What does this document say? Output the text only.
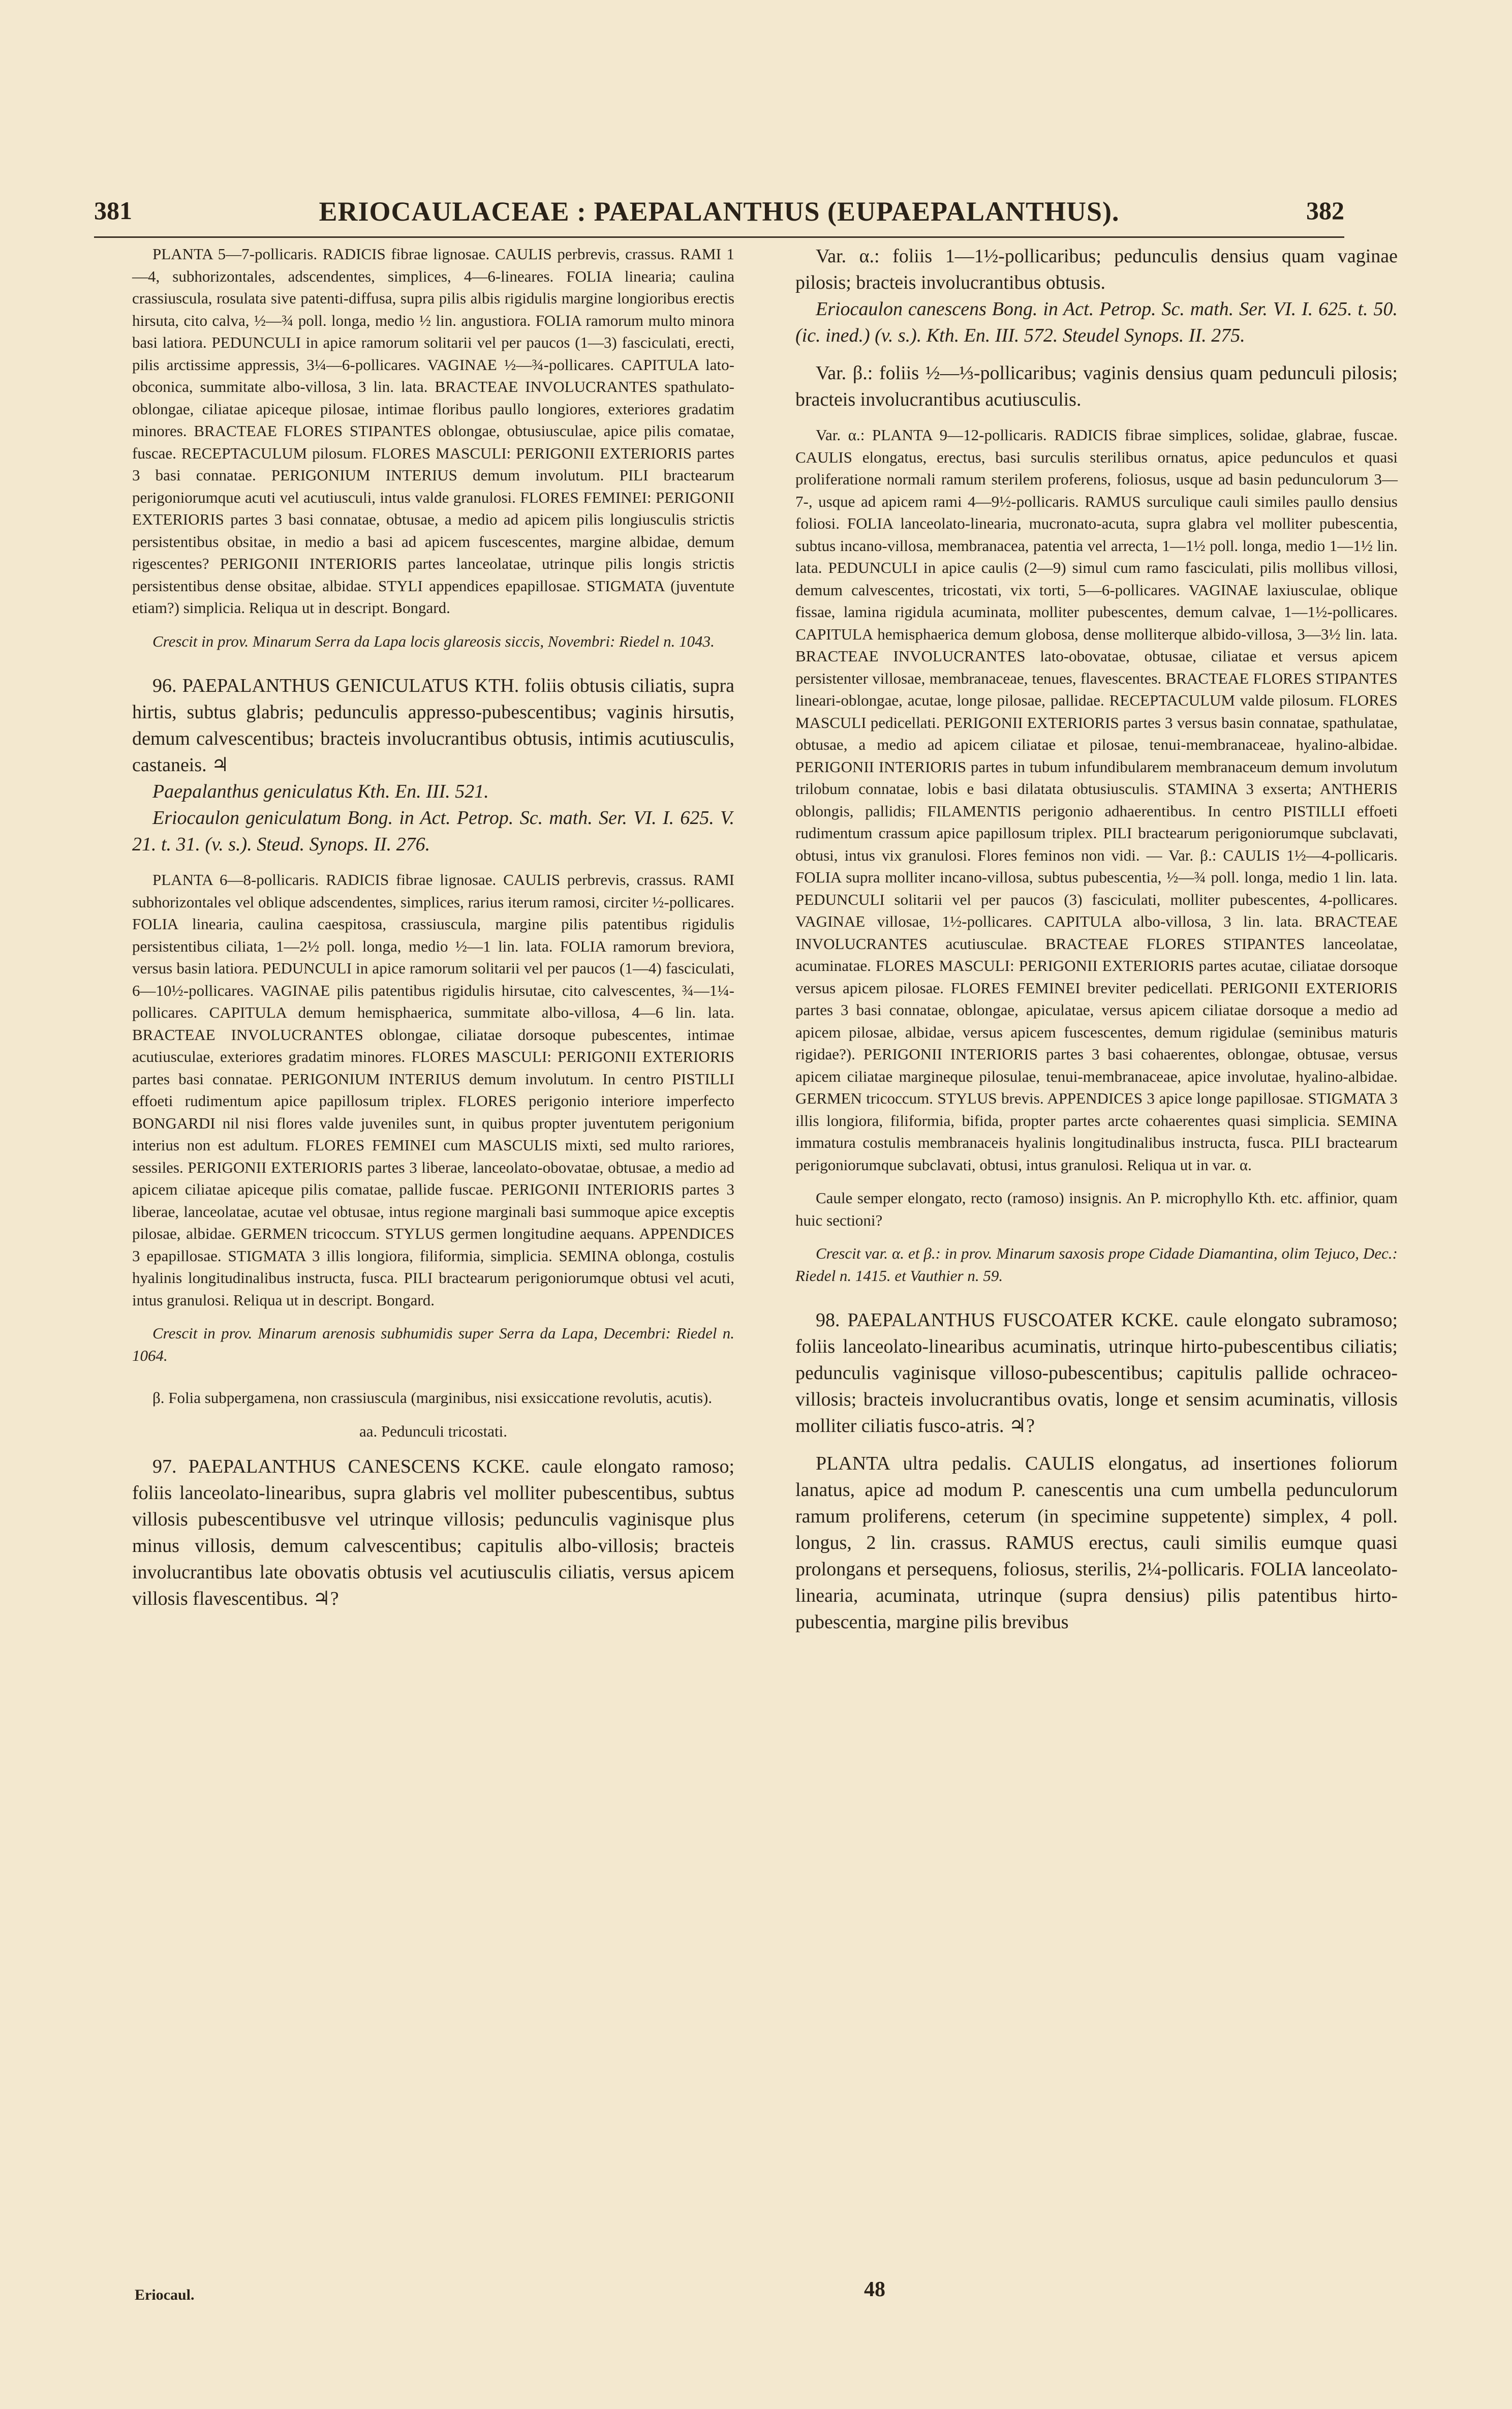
381	ERIOCAULACEAE : PAEPALANTHUS (EUPAEPALANTHUS).	382

PLANTA 5—7-pollicaris. RADICIS fibrae lignosae. CAULIS perbrevis, crassus. RAMI 1—4, subhorizontales, adscendentes, simplices, 4—6-lineares. FOLIA linearia; caulina crassiuscula, rosulata sive patenti-diffusa, supra pilis albis rigidulis margine longioribus erectis hirsuta, cito calva, ½—¾ poll. longa, medio ½ lin. angustiora. FOLIA ramorum multo minora basi latiora. PEDUNCULI in apice ramorum solitarii vel per paucos (1—3) fasciculati, erecti, pilis arctissime appressis, 3¼—6-pollicares. VAGINAE ½—¾-pollicares. CAPITULA lato-obconica, summitate albo-villosa, 3 lin. lata. BRACTEAE INVOLUCRANTES spathulato-oblongae, ciliatae apiceque pilosae, intimae floribus paullo longiores, exteriores gradatim minores. BRACTEAE FLORES STIPANTES oblongae, obtusiusculae, apice pilis comatae, fuscae. RECEPTACULUM pilosum. FLORES MASCULI: PERIGONII EXTERIORIS partes 3 basi connatae. PERIGONIUM INTERIUS demum involutum. PILI bractearum perigoniorumque acuti vel acutiusculi, intus valde granulosi. FLORES FEMINEI: PERIGONII EXTERIORIS partes 3 basi connatae, obtusae, a medio ad apicem pilis longiusculis strictis persistentibus obsitae, in medio a basi ad apicem fuscescentes, margine albidae, demum rigescentes? PERIGONII INTERIORIS partes lanceolatae, utrinque pilis longis strictis persistentibus dense obsitae, albidae. STYLI appendices epapillosae. STIGMATA (juventute etiam?) simplicia. Reliqua ut in descript. Bongard.

Crescit in prov. Minarum Serra da Lapa locis glareosis siccis, Novembri: Riedel n. 1043.

96. PAEPALANTHUS GENICULATUS KTH. foliis obtusis ciliatis, supra hirtis, subtus glabris; pedunculis appresso-pubescentibus; vaginis hirsutis, demum calvescentibus; bracteis involucrantibus obtusis, intimis acutiusculis, castaneis. ♃

Paepalanthus geniculatus Kth. En. III. 521.

Eriocaulon geniculatum Bong. in Act. Petrop. Sc. math. Ser. VI. I. 625. V. 21. t. 31. (v. s.). Steud. Synops. II. 276.

PLANTA 6—8-pollicaris. RADICIS fibrae lignosae. CAULIS perbrevis, crassus. RAMI subhorizontales vel oblique adscendentes, simplices, rarius iterum ramosi, circiter ½-pollicares. FOLIA linearia, caulina caespitosa, crassiuscula, margine pilis patentibus rigidulis persistentibus ciliata, 1—2½ poll. longa, medio ½—1 lin. lata. FOLIA ramorum breviora, versus basin latiora. PEDUNCULI in apice ramorum solitarii vel per paucos (1—4) fasciculati, 6—10½-pollicares. VAGINAE pilis patentibus rigidulis hirsutae, cito calvescentes, ¾—1¼-pollicares. CAPITULA demum hemisphaerica, summitate albo-villosa, 4—6 lin. lata. BRACTEAE INVOLUCRANTES oblongae, ciliatae dorsoque pubescentes, intimae acutiusculae, exteriores gradatim minores. FLORES MASCULI: PERIGONII EXTERIORIS partes basi connatae. PERIGONIUM INTERIUS demum involutum. In centro PISTILLI effoeti rudimentum apice papillosum triplex. FLORES perigonio interiore imperfecto BONGARDI nil nisi flores valde juveniles sunt, in quibus propter juventutem perigonium interius non est adultum. FLORES FEMINEI cum MASCULIS mixti, sed multo rariores, sessiles. PERIGONII EXTERIORIS partes 3 liberae, lanceolato-obovatae, obtusae, a medio ad apicem ciliatae apiceque pilis comatae, pallide fuscae. PERIGONII INTERIORIS partes 3 liberae, lanceolatae, acutae vel obtusae, intus regione marginali basi summoque apice exceptis pilosae, albidae. GERMEN tricoccum. STYLUS germen longitudine aequans. APPENDICES 3 epapillosae. STIGMATA 3 illis longiora, filiformia, simplicia. SEMINA oblonga, costulis hyalinis longitudinalibus instructa, fusca. PILI bractearum perigoniorumque obtusi vel acuti, intus granulosi. Reliqua ut in descript. Bongard.

Crescit in prov. Minarum arenosis subhumidis super Serra da Lapa, Decembri: Riedel n. 1064.

β. Folia subpergamena, non crassiuscula (marginibus, nisi exsiccatione revolutis, acutis).

aa. Pedunculi tricostati.

97. PAEPALANTHUS CANESCENS KCKE. caule elongato ramoso; foliis lanceolato-linearibus, supra glabris vel molliter pubescentibus, subtus villosis pubescentibusve vel utrinque villosis; pedunculis vaginisque plus minus villosis, demum calvescentibus; capitulis albo-villosis; bracteis involucrantibus late obovatis obtusis vel acutiusculis ciliatis, versus apicem villosis flavescentibus. ♃?

Var. α.: foliis 1—1½-pollicaribus; pedunculis densius quam vaginae pilosis; bracteis involucrantibus obtusis.

Eriocaulon canescens Bong. in Act. Petrop. Sc. math. Ser. VI. I. 625. t. 50. (ic. ined.) (v. s.). Kth. En. III. 572. Steudel Synops. II. 275.

Var. β.: foliis ½—⅓-pollicaribus; vaginis densius quam pedunculi pilosis; bracteis involucrantibus acutiusculis.

Var. α.: PLANTA 9—12-pollicaris. RADICIS fibrae simplices, solidae, glabrae, fuscae. CAULIS elongatus, erectus, basi surculis sterilibus ornatus, apice pedunculos et quasi proliferatione normali ramum sterilem proferens, foliosus, usque ad basin pedunculorum 3—7-, usque ad apicem rami 4—9½-pollicaris. RAMUS surculique cauli similes paullo densius foliosi. FOLIA lanceolato-linearia, mucronato-acuta, supra glabra vel molliter pubescentia, subtus incano-villosa, membranacea, patentia vel arrecta, 1—1½ poll. longa, medio 1—1½ lin. lata. PEDUNCULI in apice caulis (2—9) simul cum ramo fasciculati, pilis mollibus villosi, demum calvescentes, tricostati, vix torti, 5—6-pollicares. VAGINAE laxiusculae, oblique fissae, lamina rigidula acuminata, molliter pubescentes, demum calvae, 1—1½-pollicares. CAPITULA hemisphaerica demum globosa, dense molliterque albido-villosa, 3—3½ lin. lata. BRACTEAE INVOLUCRANTES lato-obovatae, obtusae, ciliatae et versus apicem persistenter villosae, membranaceae, tenues, flavescentes. BRACTEAE FLORES STIPANTES lineari-oblongae, acutae, longe pilosae, pallidae. RECEPTACULUM valde pilosum. FLORES MASCULI pedicellati. PERIGONII EXTERIORIS partes 3 versus basin connatae, spathulatae, obtusae, a medio ad apicem ciliatae et pilosae, tenui-membranaceae, hyalino-albidae. PERIGONII INTERIORIS partes in tubum infundibularem membranaceum demum involutum trilobum connatae, lobis e basi dilatata obtusiusculis. STAMINA 3 exserta; ANTHERIS oblongis, pallidis; FILAMENTIS perigonio adhaerentibus. In centro PISTILLI effoeti rudimentum crassum apice papillosum triplex. PILI bractearum perigoniorumque subclavati, obtusi, intus vix granulosi. Flores feminos non vidi. — Var. β.: CAULIS 1½—4-pollicaris. FOLIA supra molliter incano-villosa, subtus pubescentia, ½—¾ poll. longa, medio 1 lin. lata. PEDUNCULI solitarii vel per paucos (3) fasciculati, molliter pubescentes, 4-pollicares. VAGINAE villosae, 1½-pollicares. CAPITULA albo-villosa, 3 lin. lata. BRACTEAE INVOLUCRANTES acutiusculae. BRACTEAE FLORES STIPANTES lanceolatae, acuminatae. FLORES MASCULI: PERIGONII EXTERIORIS partes acutae, ciliatae dorsoque versus apicem pilosae. FLORES FEMINEI breviter pedicellati. PERIGONII EXTERIORIS partes 3 basi connatae, oblongae, apiculatae, versus apicem ciliatae dorsoque a medio ad apicem pilosae, albidae, versus apicem fuscescentes, demum rigidulae (seminibus maturis rigidae?). PERIGONII INTERIORIS partes 3 basi cohaerentes, oblongae, obtusae, versus apicem ciliatae margineque pilosulae, tenui-membranaceae, apice involutae, hyalino-albidae. GERMEN tricoccum. STYLUS brevis. APPENDICES 3 apice longe papillosae. STIGMATA 3 illis longiora, filiformia, bifida, propter partes arcte cohaerentes quasi simplicia. SEMINA immatura costulis membranaceis hyalinis longitudinalibus instructa, fusca. PILI bractearum perigoniorumque subclavati, obtusi, intus granulosi. Reliqua ut in var. α.

Caule semper elongato, recto (ramoso) insignis. An P. microphyllo Kth. etc. affinior, quam huic sectioni?

Crescit var. α. et β.: in prov. Minarum saxosis prope Cidade Diamantina, olim Tejuco, Dec.: Riedel n. 1415. et Vauthier n. 59.

98. PAEPALANTHUS FUSCOATER KCKE. caule elongato subramoso; foliis lanceolato-linearibus acuminatis, utrinque hirto-pubescentibus ciliatis; pedunculis vaginisque villoso-pubescentibus; capitulis pallide ochraceo-villosis; bracteis involucrantibus ovatis, longe et sensim acuminatis, villosis molliter ciliatis fusco-atris. ♃?

PLANTA ultra pedalis. CAULIS elongatus, ad insertiones foliorum lanatus, apice ad modum P. canescentis una cum umbella pedunculorum ramum proliferens, ceterum (in specimine suppetente) simplex, 4 poll. longus, 2 lin. crassus. RAMUS erectus, cauli similis eumque quasi prolongans et persequens, foliosus, sterilis, 2¼-pollicaris. FOLIA lanceolato-linearia, acuminata, utrinque (supra densius) pilis patentibus hirto-pubescentia, margine pilis brevibus

Eriocaul.	48
